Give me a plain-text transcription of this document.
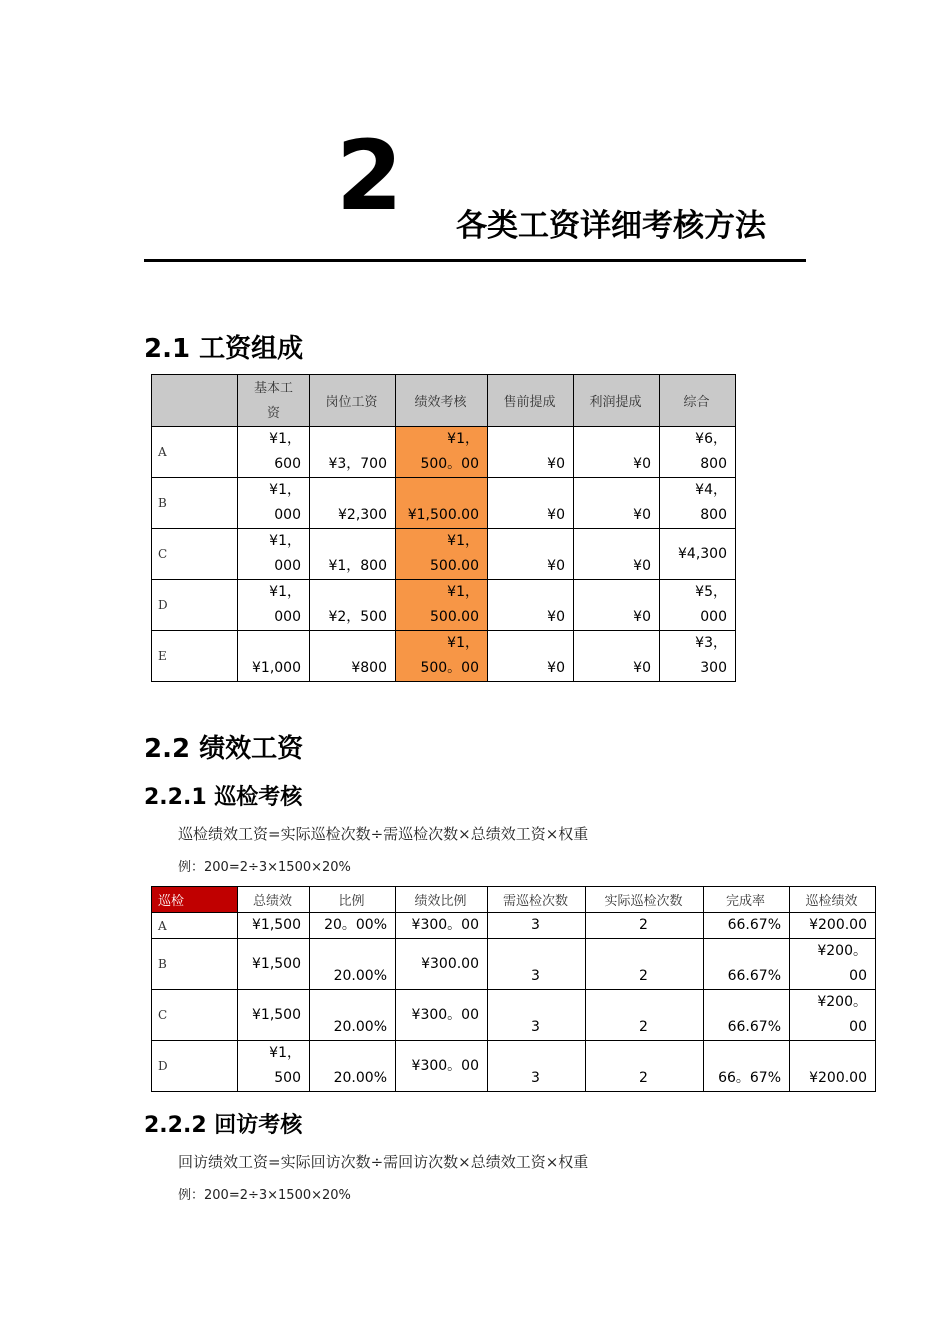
2 各类工资详细考核方法
2.1 工资组成
	基本工资	岗位工资	绩效考核	售前提成	利润提成	综合
A	¥1，600	¥3，700	¥1，500。00	¥0	¥0	¥6，800
B	¥1，000	¥2,300	¥1,500.00	¥0	¥0	¥4，800
C	¥1，000	¥1，800	¥1，500.00	¥0	¥0	¥4,300
D	¥1，000	¥2，500	¥1，500.00	¥0	¥0	¥5，000
E	¥1,000	¥800	¥1，500。00	¥0	¥0	¥3，300
2.2 绩效工资
2.2.1 巡检考核
巡检绩效工资=实际巡检次数÷需巡检次数×总绩效工资×权重
例：200=2÷3×1500×20%
巡检	总绩效	比例	绩效比例	需巡检次数	实际巡检次数	完成率	巡检绩效
A	¥1,500	20。00%	¥300。00	3	2	66.67%	¥200.00
B	¥1,500	20.00%	¥300.00	3	2	66.67%	¥200。00
C	¥1,500	20.00%	¥300。00	3	2	66.67%	¥200。00
D	¥1，500	20.00%	¥300。00	3	2	66。67%	¥200.00
2.2.2 回访考核
回访绩效工资=实际回访次数÷需回访次数×总绩效工资×权重
例：200=2÷3×1500×20%
